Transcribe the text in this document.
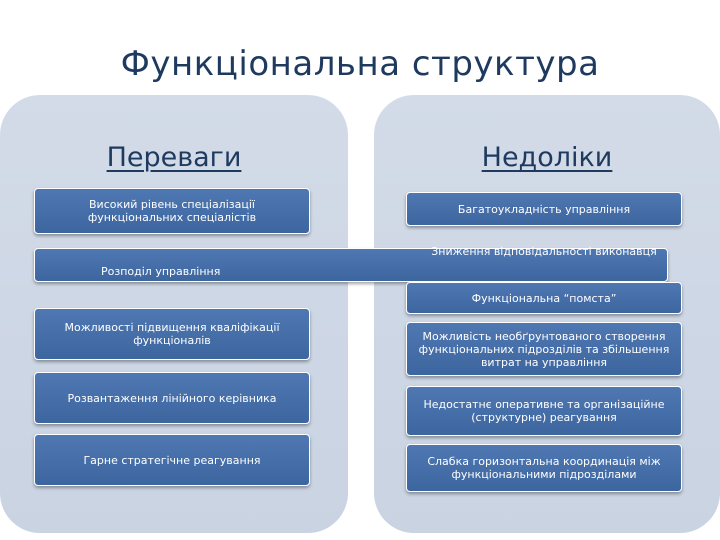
Функціональна структура
Переваги	Недоліки
Високий рівень спеціалізації функціональних спеціалістів
Розподіл управління
Можливості підвищення кваліфікації функціоналів
Розвантаження лінійного керівника
Гарне стратегічне реагування
Багатоукладність управління
Зниження відповідальності виконавця
Функціональна “помста”
Можливість необґрунтованого створення функціональних підрозділів та збільшення витрат на управління
Недостатнє оперативне та організаційне (структурне) реагування
Слабка горизонтальна координація між функціональними підрозділами
